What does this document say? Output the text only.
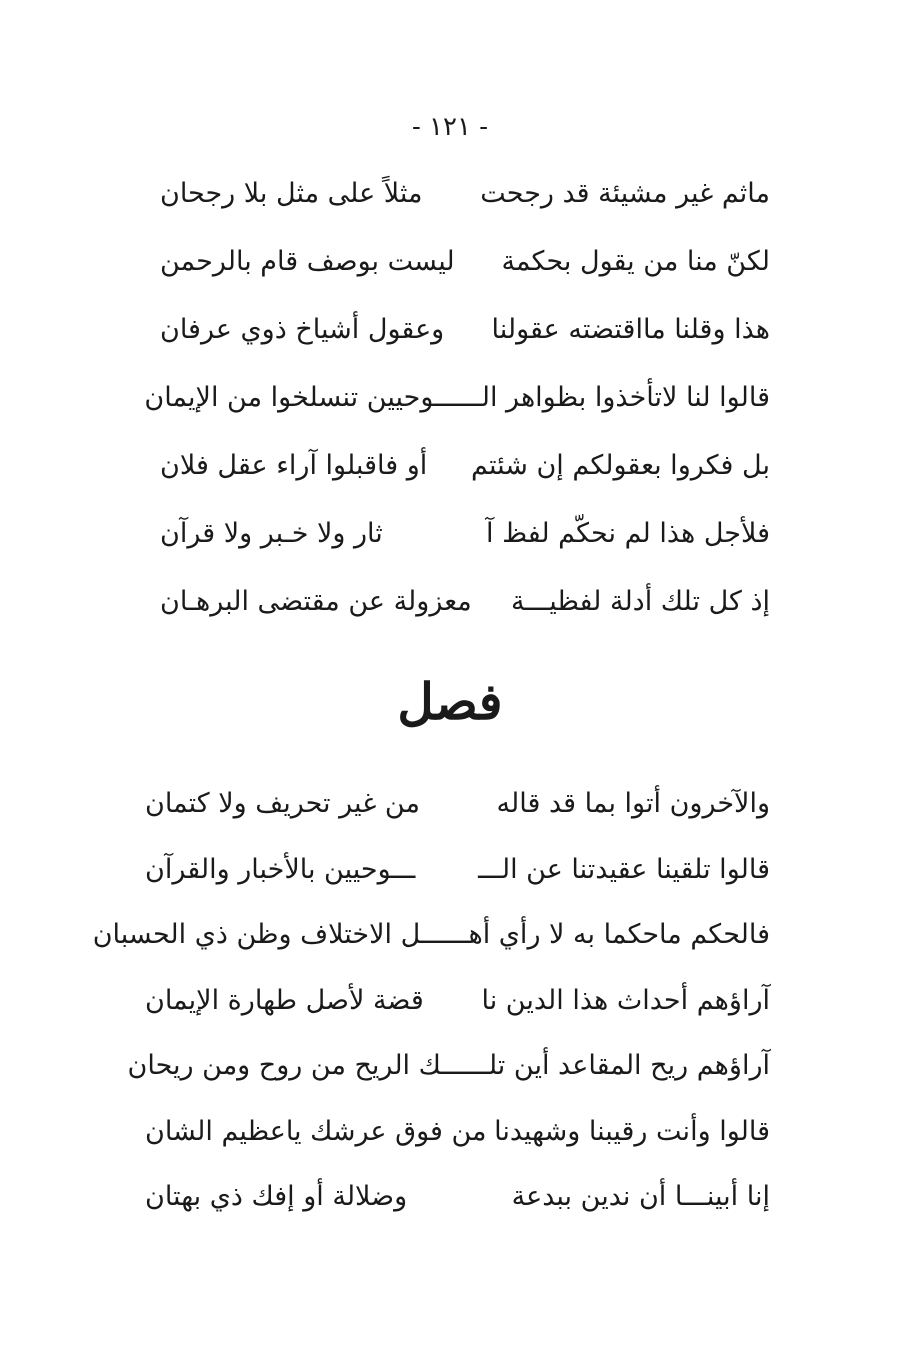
- ١٢١ -
ماثم غير مشيئة قد رجحت
مثلاً على مثل بلا رجحان
لكنّ منا من يقول بحكمة
ليست بوصف قام بالرحمن
هذا وقلنا مااقتضته عقولنا
وعقول أشياخ ذوي عرفان
قالوا لنا لاتأخذوا بظواهر الـــ
ـــوحيين تنسلخوا من الإيمان
بل فكروا بعقولكم إن شئتم
أو فاقبلوا آراء عقل فلان
فلأجل هذا لم نحكّم لفظ آ
ثار ولا خـبر ولا قرآن
إذ كل تلك أدلة لفظيـــة
معزولة عن مقتضى البرهـان
فصل
والآخرون أتوا بما قد قاله
من غير تحريف ولا كتمان
قالوا تلقينا عقيدتنا عن الـــ
ـــوحيين بالأخبار والقرآن
فالحكم ماحكما به لا رأي أهـــ
ـــل الاختلاف وظن ذي الحسبان
آراؤهم أحداث هذا الدين نا
قضة لأصل طهارة الإيمان
آراؤهم ريح المقاعد أين تلـــ
ـــك الريح من روح ومن ريحان
قالوا وأنت رقيبنا وشهيدنا
من فوق عرشك ياعظيم الشان
إنا أبينـــا أن ندين ببدعة
وضلالة أو إفك ذي بهتان
